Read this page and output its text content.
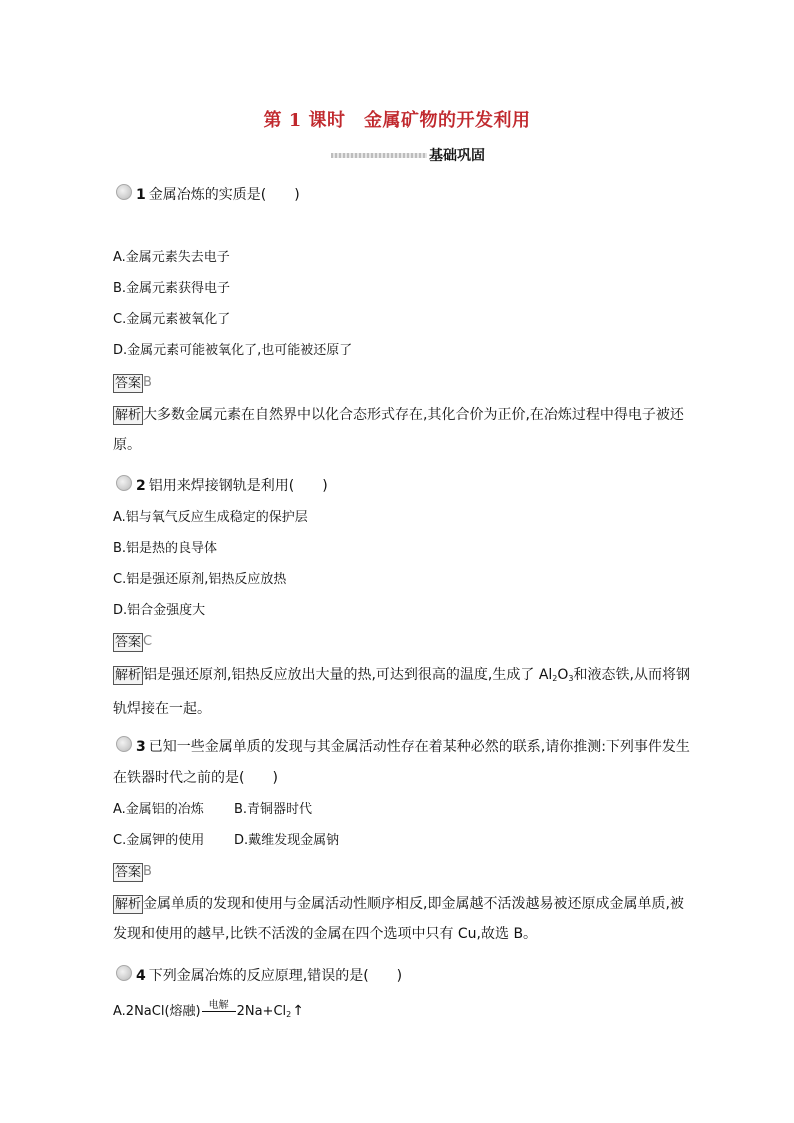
第 1 课时　金属矿物的开发利用
基础巩固
1 金属冶炼的实质是(　　)
A.金属元素失去电子
B.金属元素获得电子
C.金属元素被氧化了
D.金属元素可能被氧化了,也可能被还原了
答案 B
解析 大多数金属元素在自然界中以化合态形式存在,其化合价为正价,在冶炼过程中得电子被还
原。
2 铝用来焊接钢轨是利用(　　)
A.铝与氧气反应生成稳定的保护层
B.铝是热的良导体
C.铝是强还原剂,铝热反应放热
D.铝合金强度大
答案 C
解析 铝是强还原剂,铝热反应放出大量的热,可达到很高的温度,生成了 $Al_2O_3$和液态铁,从而将钢
轨焊接在一起。
3 已知一些金属单质的发现与其金属活动性存在着某种必然的联系,请你推测:下列事件发生
在铁器时代之前的是(　　)
A.金属铝的冶炼	B.青铜器时代
C.金属钾的使用	D.戴维发现金属钠
答案 B
解析 金属单质的发现和使用与金属活动性顺序相反,即金属越不活泼越易被还原成金属单质,被
发现和使用的越早,比铁不活泼的金属在四个选项中只有 Cu,故选 B。
4 下列金属冶炼的反应原理,错误的是(　　)
A.2NaCl(熔融) 电解 $2Na+Cl_2$ ↑
